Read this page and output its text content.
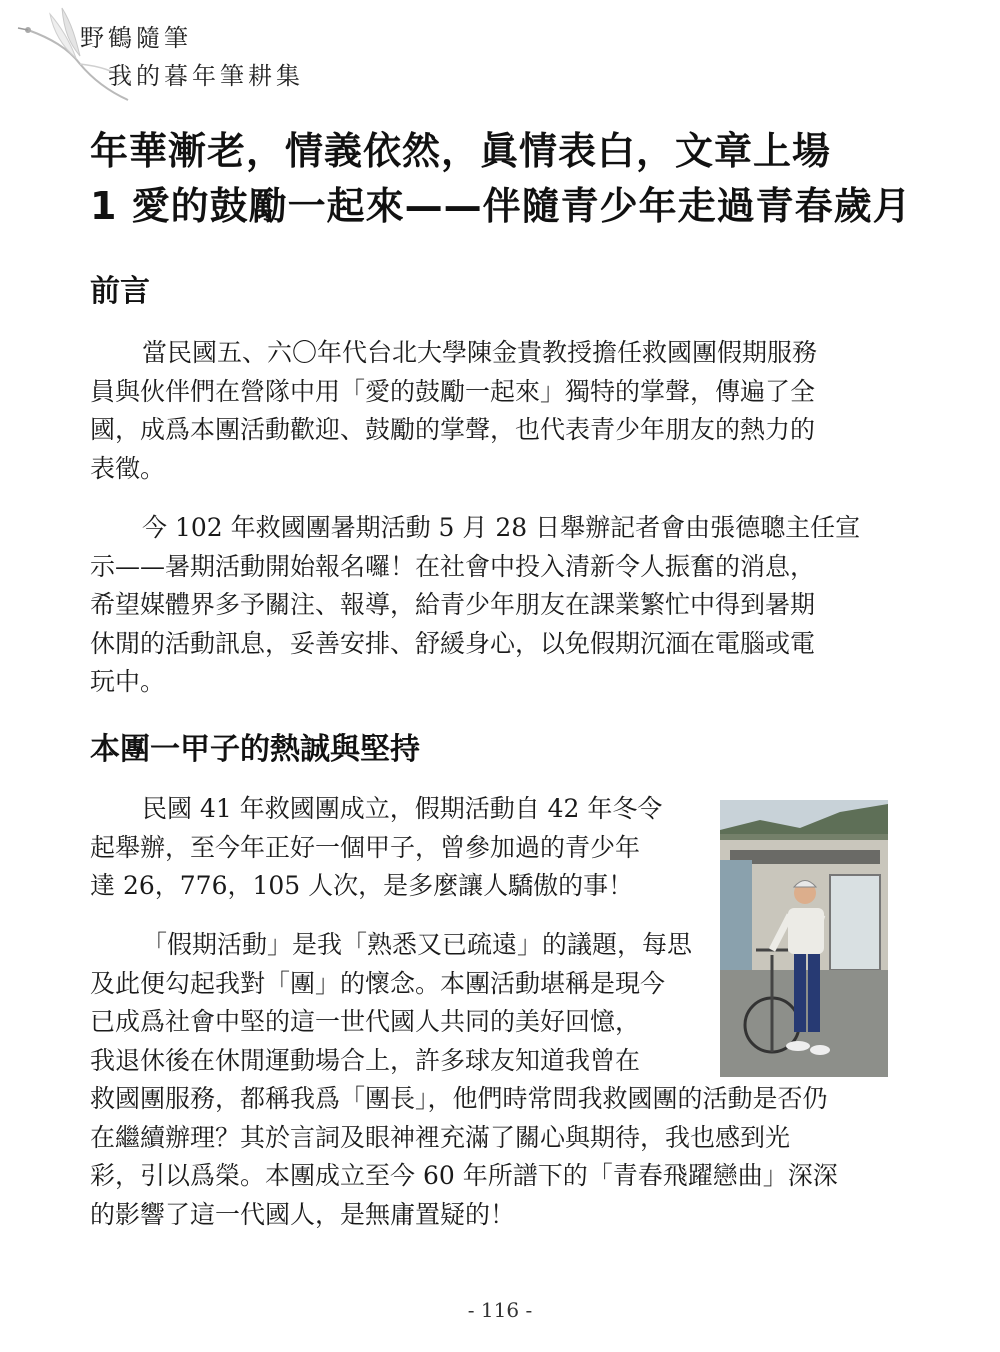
野鶴隨筆
我的暮年筆耕集
年華漸老，情義依然，眞情表白，文章上場
1 愛的鼓勵一起來——伴隨青少年走過青春歲月
前言
當民國五、六〇年代台北大學陳金貴教授擔任救國團假期服務
員與伙伴們在營隊中用「愛的鼓勵一起來」獨特的掌聲，傳遍了全
國，成爲本團活動歡迎、鼓勵的掌聲，也代表青少年朋友的熱力的
表徵。
今 102 年救國團暑期活動 5 月 28 日舉辦記者會由張德聰主任宣
示——暑期活動開始報名囉！在社會中投入清新令人振奮的消息，
希望媒體界多予關注、報導，給青少年朋友在課業繁忙中得到暑期
休閒的活動訊息，妥善安排、舒緩身心，以免假期沉湎在電腦或電
玩中。
本團一甲子的熱誠與堅持
民國 41 年救國團成立，假期活動自 42 年冬令
起舉辦，至今年正好一個甲子，曾參加過的青少年
達 26，776，105 人次，是多麼讓人驕傲的事！
「假期活動」是我「熟悉又已疏遠」的議題，每思
及此便勾起我對「團」的懷念。本團活動堪稱是現今
已成爲社會中堅的這一世代國人共同的美好回憶，
我退休後在休閒運動場合上，許多球友知道我曾在
救國團服務，都稱我爲「團長」，他們時常問我救國團的活動是否仍
在繼續辦理？其於言詞及眼神裡充滿了關心與期待，我也感到光
彩，引以爲榮。本團成立至今 60 年所譜下的「青春飛躍戀曲」深深
的影響了這一代國人，是無庸置疑的！
- 116 -
